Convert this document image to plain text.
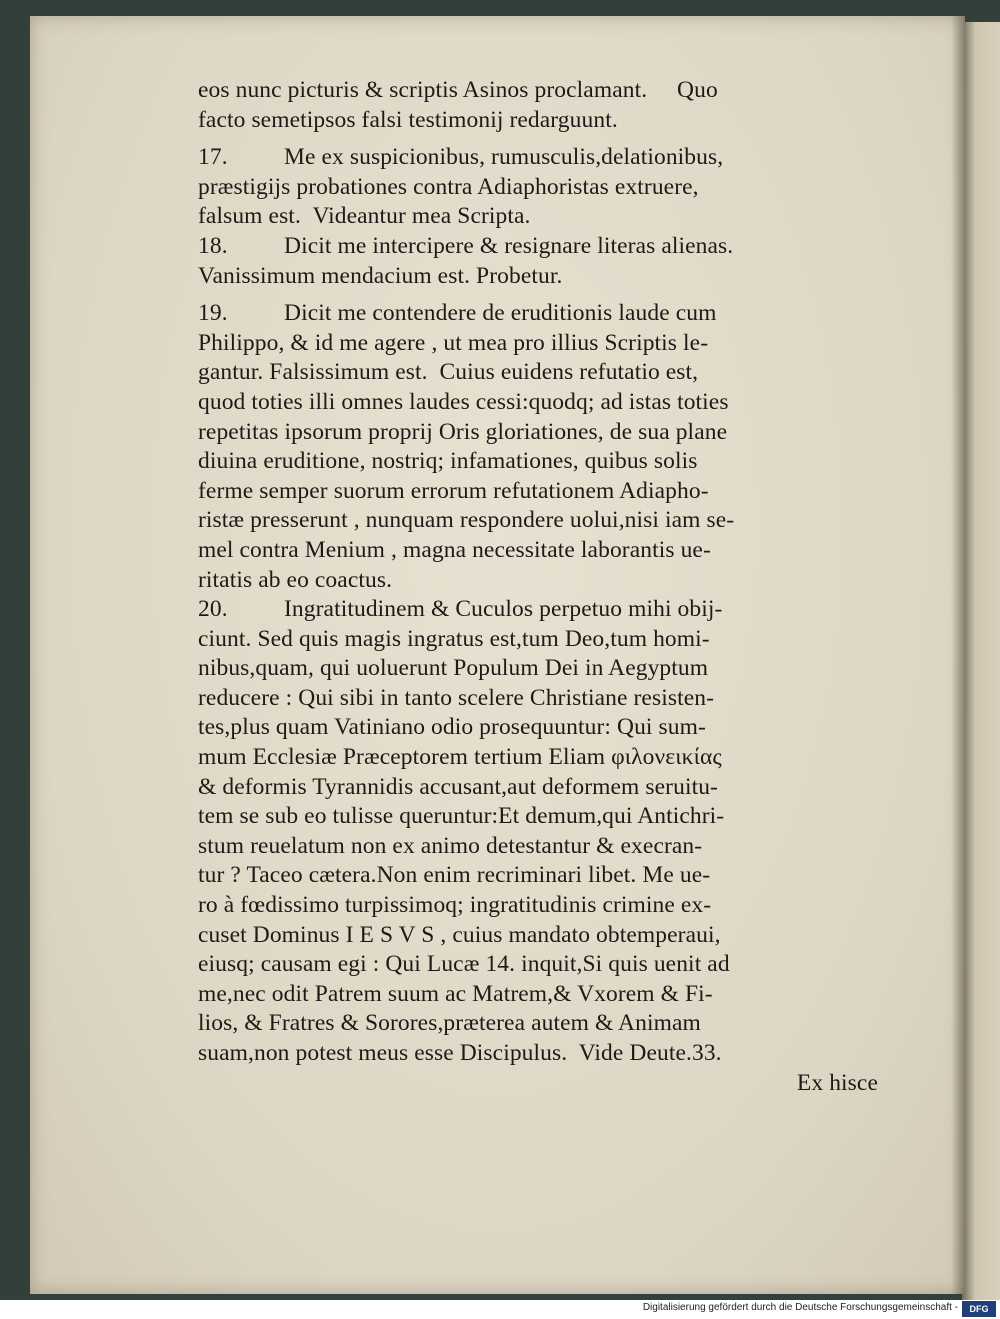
eos nunc picturis & scriptis Asinos proclamant.     Quo
facto semetipsos falsi testimonij redarguunt.
17. Me ex suspicionibus, rumusculis,delationibus,
præstigijs probationes contra Adiaphoristas extruere,
falsum est.  Videantur mea Scripta.
18. Dicit me intercipere & resignare literas alienas.
Vanissimum mendacium est. Probetur.
19. Dicit me contendere de eruditionis laude cum
Philippo, & id me agere , ut mea pro illius Scriptis le-
gantur. Falsissimum est.  Cuius euidens refutatio est,
quod toties illi omnes laudes cessi:quodq; ad istas toties
repetitas ipsorum proprij Oris gloriationes, de sua plane
diuina eruditione, nostriq; infamationes, quibus solis
ferme semper suorum errorum refutationem Adiapho-
ristæ presserunt , nunquam respondere uolui,nisi iam se-
mel contra Menium , magna necessitate laborantis ue-
ritatis ab eo coactus.
20. Ingratitudinem & Cuculos perpetuo mihi obij-
ciunt. Sed quis magis ingratus est,tum Deo,tum homi-
nibus,quam, qui uoluerunt Populum Dei in Aegyptum
reducere : Qui sibi in tanto scelere Christiane resisten-
tes,plus quam Vatiniano odio prosequuntur: Qui sum-
mum Ecclesiæ Præceptorem tertium Eliam φιλονεικίας
& deformis Tyrannidis accusant,aut deformem seruitu-
tem se sub eo tulisse queruntur:Et demum,qui Antichri-
stum reuelatum non ex animo detestantur & execran-
tur ? Taceo cætera.Non enim recriminari libet. Me ue-
ro à fœdissimo turpissimoq; ingratitudinis crimine ex-
cuset Dominus I E S V S , cuius mandato obtemperaui,
eiusq; causam egi : Qui Lucæ 14. inquit,Si quis uenit ad
me,nec odit Patrem suum ac Matrem,& Vxorem & Fi-
lios, & Fratres & Sorores,præterea autem & Animam
suam,non potest meus esse Discipulus.  Vide Deute.33.
Ex hisce
Digitalisierung gefördert durch die Deutsche Forschungsgemeinschaft -	DFG
